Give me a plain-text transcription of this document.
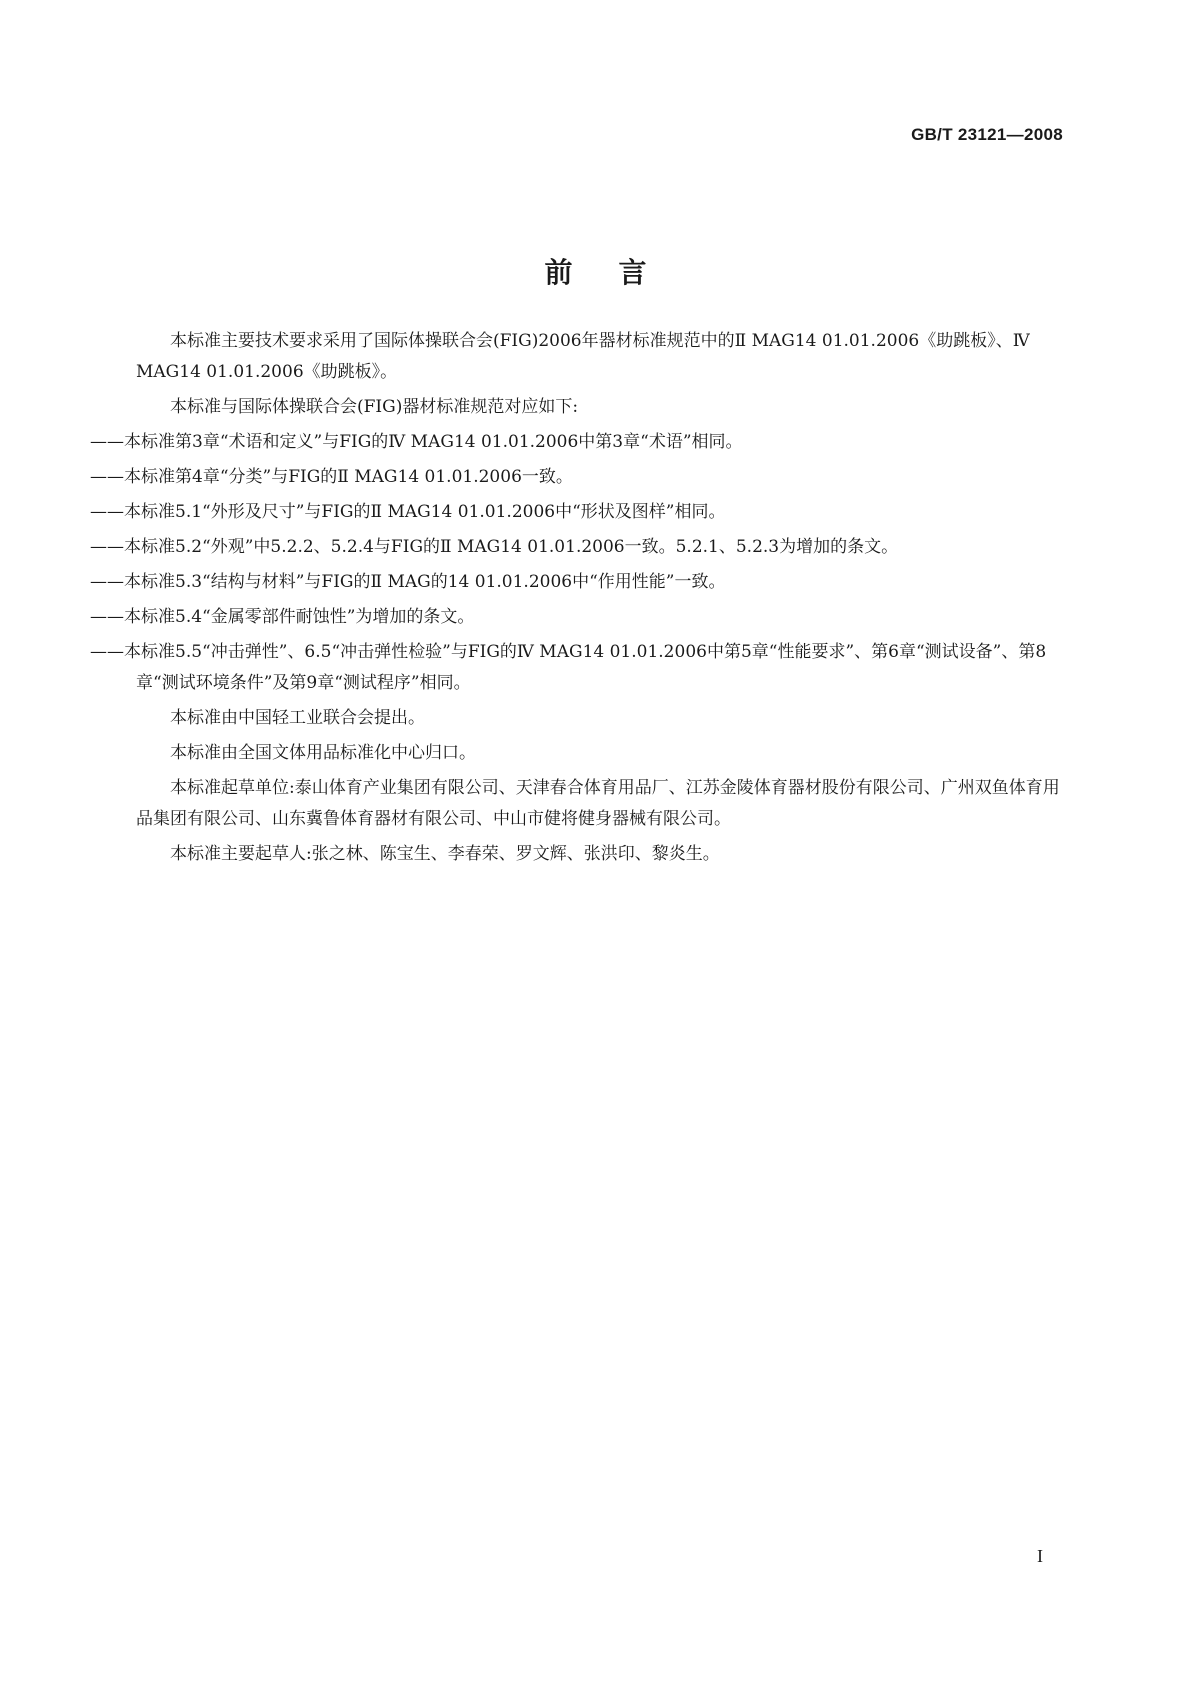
GB/T 23121—2008
前言

本标准主要技术要求采用了国际体操联合会(FIG)2006年器材标准规范中的Ⅱ MAG14 01.01.2006《助跳板》、Ⅳ MAG14 01.01.2006《助跳板》。

本标准与国际体操联合会(FIG)器材标准规范对应如下:

——本标准第3章“术语和定义”与FIG的Ⅳ MAG14 01.01.2006中第3章“术语”相同。

——本标准第4章“分类”与FIG的Ⅱ MAG14 01.01.2006一致。

——本标准5.1“外形及尺寸”与FIG的Ⅱ MAG14 01.01.2006中“形状及图样”相同。

——本标准5.2“外观”中5.2.2、5.2.4与FIG的Ⅱ MAG14 01.01.2006一致。5.2.1、5.2.3为增加的条文。

——本标准5.3“结构与材料”与FIG的Ⅱ MAG的14 01.01.2006中“作用性能”一致。

——本标准5.4“金属零部件耐蚀性”为增加的条文。

——本标准5.5“冲击弹性”、6.5“冲击弹性检验”与FIG的Ⅳ MAG14 01.01.2006中第5章“性能要求”、第6章“测试设备”、第8章“测试环境条件”及第9章“测试程序”相同。

本标准由中国轻工业联合会提出。

本标准由全国文体用品标准化中心归口。

本标准起草单位:泰山体育产业集团有限公司、天津春合体育用品厂、江苏金陵体育器材股份有限公司、广州双鱼体育用品集团有限公司、山东冀鲁体育器材有限公司、中山市健将健身器械有限公司。

本标准主要起草人:张之林、陈宝生、李春荣、罗文辉、张洪印、黎炎生。

I
